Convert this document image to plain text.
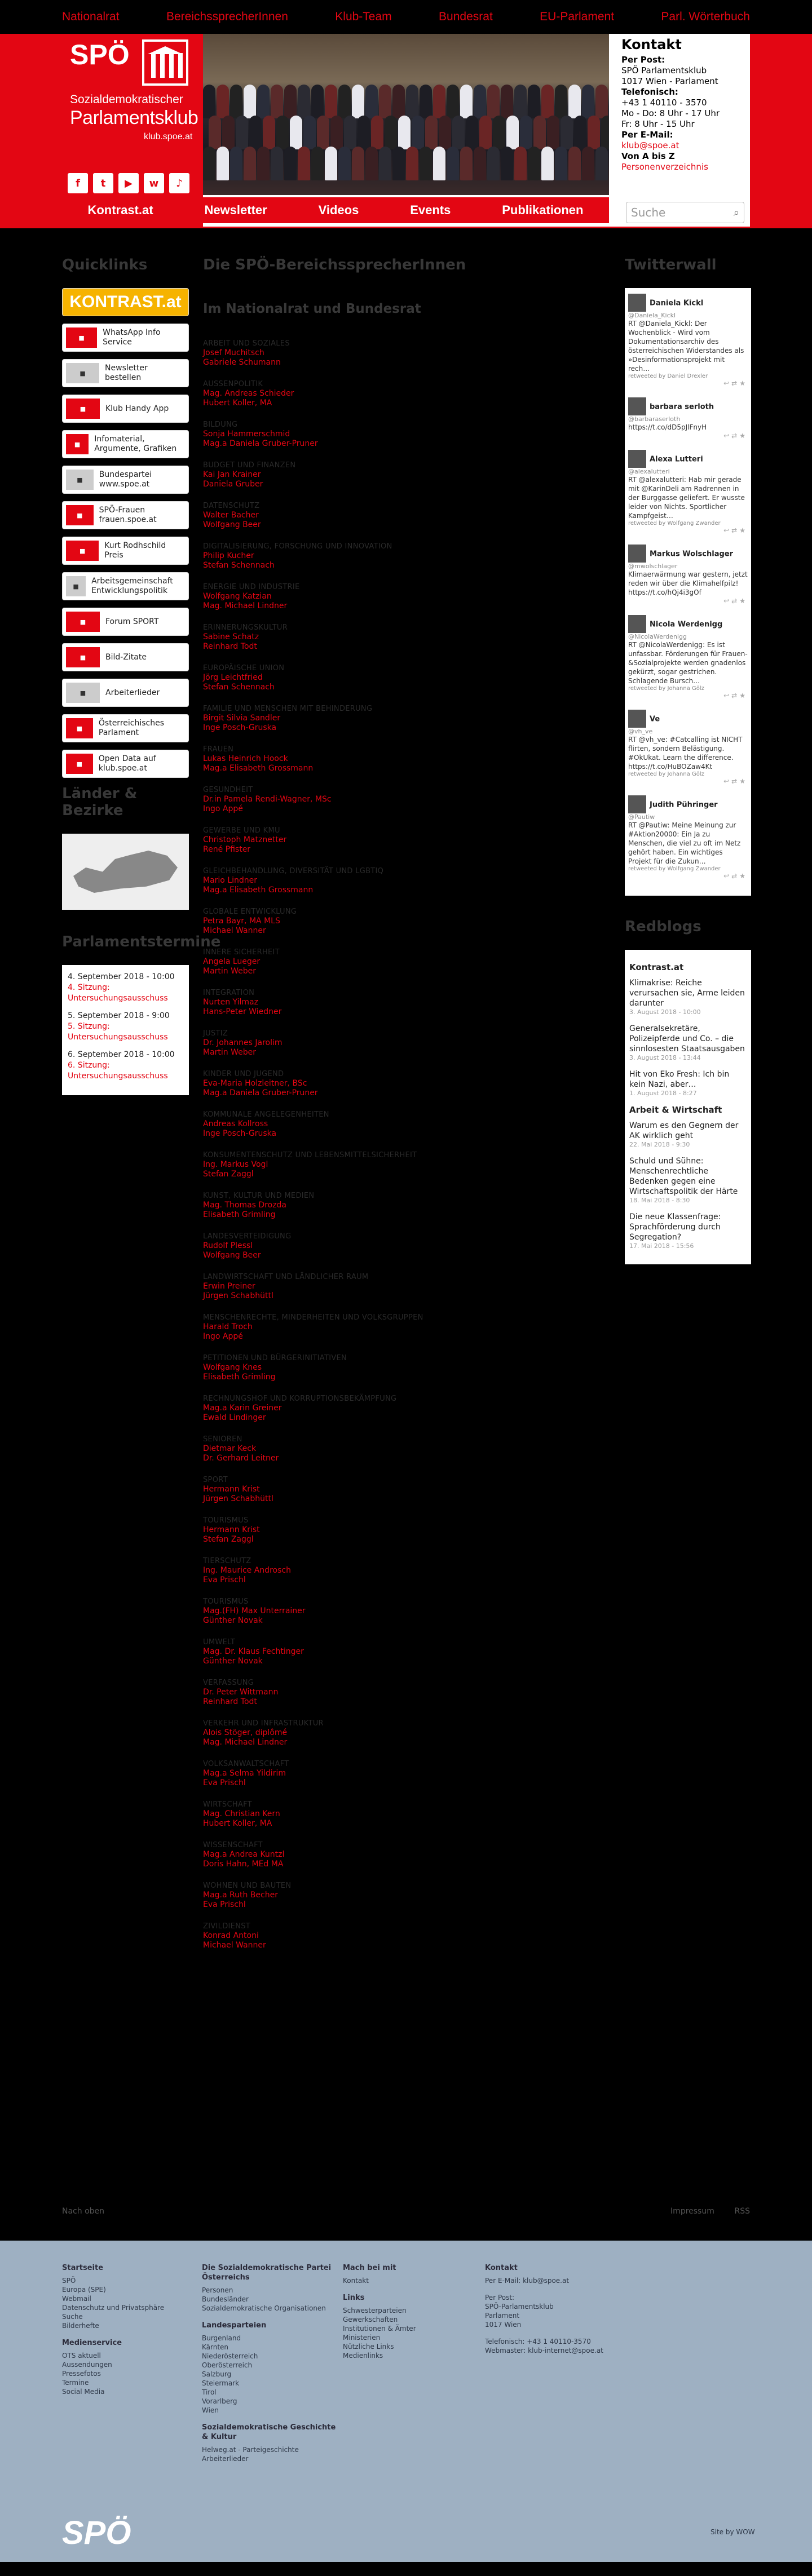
Nationalrat	BereichssprecherInnen	Klub-Team	Bundesrat	EU-Parlament	Parl. Wörterbuch
SPÖ
Sozialdemokratischer
Parlamentsklub
klub.spoe.at
f	t	▶	w	♪
Kontakt
Per Post:
SPÖ Parlamentsklub
1017 Wien - Parlament
Telefonisch:
+43 1 40110 - 3570
Mo - Do: 8 Uhr - 17 Uhr
Fr: 8 Uhr - 15 Uhr
Per E-Mail:
klub@spoe.at
Von A bis Z
Personenverzeichnis
Kontrast.at	Newsletter	Videos	Events	Publikationen	Suche	⌕
Quicklinks
KONTRAST.at
■
WhatsApp Info Service
■
Newsletter bestellen
■	Klub Handy App
■
Infomaterial, Argumente, Grafiken
■
Bundespartei www.spoe.at
■
SPÖ-Frauen frauen.spoe.at
■
Kurt Rodhschild Preis
■
Arbeitsgemeinschaft Entwicklungspolitik
■	Forum SPORT
■	Bild-Zitate
■	Arbeiterlieder
■
Österreichisches Parlament
■
Open Data auf klub.spoe.at
Länder & Bezirke
Parlamentstermine

4. September 2018 - 10:00
4. Sitzung: Untersuchungsausschuss

5. September 2018 - 9:00
5. Sitzung: Untersuchungsausschuss

6. September 2018 - 10:00
6. Sitzung: Untersuchungsausschuss

Die SPÖ-BereichssprecherInnen
Im Nationalrat und Bundesrat
ARBEIT UND SOZIALES
Josef Muchitsch
Gabriele Schumann
AUSSENPOLITIK
Mag. Andreas Schieder
Hubert Koller, MA
BILDUNG
Sonja Hammerschmid
Mag.a Daniela Gruber-Pruner
BUDGET UND FINANZEN
Kai Jan Krainer
Daniela Gruber
DATENSCHUTZ
Walter Bacher
Wolfgang Beer
DIGITALISIERUNG, FORSCHUNG UND INNOVATION
Philip Kucher
Stefan Schennach
ENERGIE UND INDUSTRIE
Wolfgang Katzian
Mag. Michael Lindner
ERINNERUNGSKULTUR
Sabine Schatz
Reinhard Todt
EUROPÄISCHE UNION
Jörg Leichtfried
Stefan Schennach
FAMILIE UND MENSCHEN MIT BEHINDERUNG
Birgit Silvia Sandler
Inge Posch-Gruska
FRAUEN
Lukas Heinrich Hoock
Mag.a Elisabeth Grossmann
GESUNDHEIT
Dr.in Pamela Rendi-Wagner, MSc
Ingo Appé
GEWERBE UND KMU
Christoph Matznetter
René Pfister
GLEICHBEHANDLUNG, DIVERSITÄT UND LGBTIQ
Mario Lindner
Mag.a Elisabeth Grossmann
GLOBALE ENTWICKLUNG
Petra Bayr, MA MLS
Michael Wanner
INNERE SICHERHEIT
Angela Lueger
Martin Weber
INTEGRATION
Nurten Yilmaz
Hans-Peter Wiedner
JUSTIZ
Dr. Johannes Jarolim
Martin Weber
KINDER UND JUGEND
Eva-Maria Holzleitner, BSc
Mag.a Daniela Gruber-Pruner
KOMMUNALE ANGELEGENHEITEN
Andreas Kollross
Inge Posch-Gruska
KONSUMENTENSCHUTZ UND LEBENSMITTELSICHERHEIT
Ing. Markus Vogl
Stefan Zaggl
KUNST, KULTUR UND MEDIEN
Mag. Thomas Drozda
Elisabeth Grimling
LANDESVERTEIDIGUNG
Rudolf Plessl
Wolfgang Beer
LANDWIRTSCHAFT UND LÄNDLICHER RAUM
Erwin Preiner
Jürgen Schabhüttl
MENSCHENRECHTE, MINDERHEITEN UND VOLKSGRUPPEN
Harald Troch
Ingo Appé
PETITIONEN UND BÜRGERINITIATIVEN
Wolfgang Knes
Elisabeth Grimling
RECHNUNGSHOF UND KORRUPTIONSBEKÄMPFUNG
Mag.a Karin Greiner
Ewald Lindinger
SENIOREN
Dietmar Keck
Dr. Gerhard Leitner
SPORT
Hermann Krist
Jürgen Schabhüttl
TOURISMUS
Hermann Krist
Stefan Zaggl
TIERSCHUTZ
Ing. Maurice Androsch
Eva Prischl
TOURISMUS
Mag.(FH) Max Unterrainer
Günther Novak
UMWELT
Mag. Dr. Klaus Fechtinger
Günther Novak
VERFASSUNG
Dr. Peter Wittmann
Reinhard Todt
VERKEHR UND INFRASTRUKTUR
Alois Stöger, diplômé
Mag. Michael Lindner
VOLKSANWALTSCHAFT
Mag.a Selma Yildirim
Eva Prischl
WIRTSCHAFT
Mag. Christian Kern
Hubert Koller, MA
WISSENSCHAFT
Mag.a Andrea Kuntzl
Doris Hahn, MEd MA
WOHNEN UND BAUTEN
Mag.a Ruth Becher
Eva Prischl
ZIVILDIENST
Konrad Antoni
Michael Wanner
Twitterwall
Daniela Kickl
@Daniela_Kickl
RT @Daniela_Kickl: Der Wochenblick - Wird vom Dokumentationsarchiv des österreichischen Widerstandes als »Desinformationsprojekt mit rech…
retweeted by Daniel Drexler
↩⇄★
barbara serloth
@barbaraserloth
https://t.co/dD5pJlFnyH
↩⇄★
Alexa Lutteri
@alexalutteri
RT @alexalutteri: Hab mir gerade mit @KarinDeli am Radrennen in der Burggasse geliefert. Er wusste leider von Nichts. Sportlicher Kampfgeist…
retweeted by Wolfgang Zwander
↩⇄★
Markus Wolschlager
@mwolschlager
Klimaerwärmung war gestern, jetzt reden wir über die Klimahelfpilz! https://t.co/hQj4i3gOf
↩⇄★
Nicola Werdenigg
@NicolaWerdenigg
RT @NicolaWerdenigg: Es ist unfassbar. Förderungen für Frauen-&Sozialprojekte werden gnadenlos gekürzt, sogar gestrichen. Schlagende Bursch…
retweeted by Johanna Gölz
↩⇄★
Ve
@vh_ve
RT @vh_ve: #Catcalling ist NICHT flirten, sondern Belästigung. #OkUkat. Learn the difference. https://t.co/HuBOZaw4Kt
retweeted by Johanna Gölz
↩⇄★
Judith Pühringer
@Pautiw
RT @Pautiw: Meine Meinung zur #Aktion20000: Ein Ja zu Menschen, die viel zu oft im Netz gehört haben. Ein wichtiges Projekt für die Zukun…
retweeted by Wolfgang Zwander
↩⇄★
Redblogs
Kontrast.at

Klimakrise: Reiche verursachen sie, Arme leiden darunter

3. August 2018 - 10:00

Generalsekretäre, Polizeipferde und Co. – die sinnlosesten Staatsausgaben

3. August 2018 - 13:44

Hit von Eko Fresh: Ich bin kein Nazi, aber…

1. August 2018 - 8:27
Arbeit & Wirtschaft

Warum es den Gegnern der AK wirklich geht

22. Mai 2018 - 9:30

Schuld und Sühne: Menschenrechtliche Bedenken gegen eine Wirtschaftspolitik der Härte

18. Mai 2018 - 8:30

Die neue Klassenfrage: Sprachförderung durch Segregation?

17. Mai 2018 - 15:56
Nach oben	Impressum	RSS
Startseite

SPÖ

Europa (SPE)

Webmail

Datenschutz und Privatsphäre

Suche

Bilderhefte

Medienservice

OTS aktuell

Aussendungen

Pressefotos

Termine

Social Media

Die Sozialdemokratische Partei Österreichs

Personen

Bundesländer

Sozialdemokratische Organisationen

Landesparteien

Burgenland

Kärnten

Niederösterreich

Oberösterreich

Salzburg

Steiermark

Tirol

Vorarlberg

Wien

Sozialdemokratische Geschichte & Kultur

Helweg.at - Parteigeschichte

Arbeiterlieder

Mach bei mit

Kontakt

Links

Schwesterparteien

Gewerkschaften

Institutionen & Ämter

Ministerien

Nützliche Links

Medienlinks

Kontakt

Per E-Mail: klub@spoe.at

Per Post:

SPÖ-Parlamentsklub

Parlament

1017 Wien

Telefonisch: +43 1 40110-3570

Webmaster: klub-internet@spoe.at

SPÖ	Site by WOW
